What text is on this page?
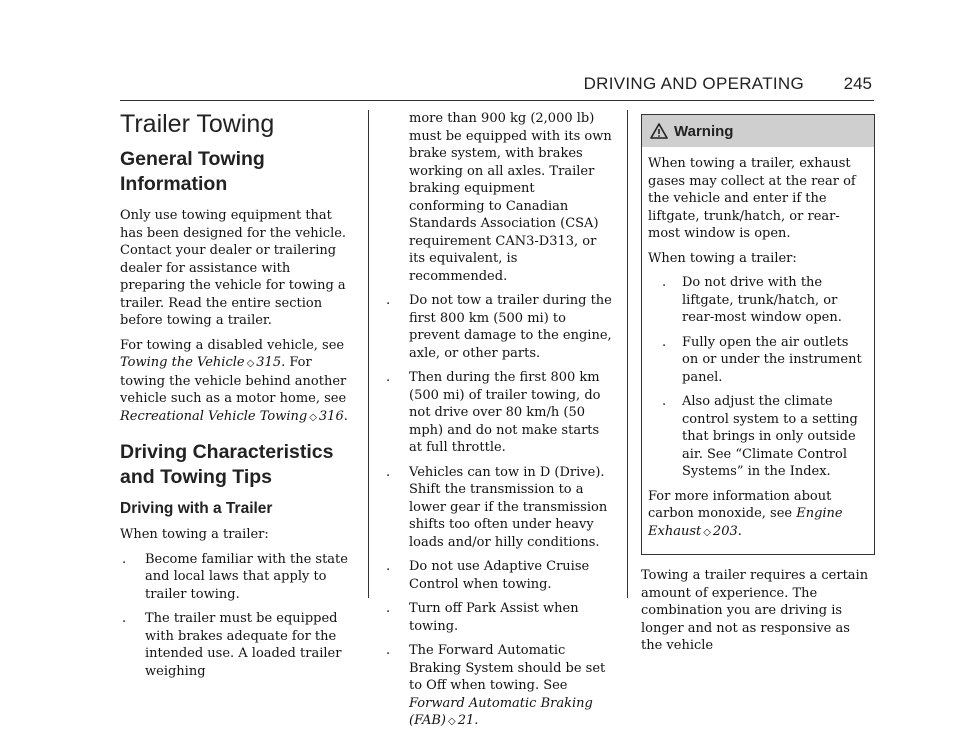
DRIVING AND OPERATING 245
Trailer Towing
General Towing Information

Only use towing equipment that has been designed for the vehicle. Contact your dealer or trailering dealer for assistance with preparing the vehicle for towing a trailer. Read the entire section before towing a trailer.

For towing a disabled vehicle, see Towing the Vehicle ◇ 315. For towing the vehicle behind another vehicle such as a motor home, see Recreational Vehicle Towing ◇ 316.

Driving Characteristics and Towing Tips
Driving with a Trailer

When towing a trailer:

. Become familiar with the state and local laws that apply to trailer towing.
. The trailer must be equipped with brakes adequate for the intended use. A loaded trailer weighing

more than 900 kg (2,000 lb) must be equipped with its own brake system, with brakes working on all axles. Trailer braking equipment conforming to Canadian Standards Association (CSA) requirement CAN3-D313, or its equivalent, is recommended.

. Do not tow a trailer during the first 800 km (500 mi) to prevent damage to the engine, axle, or other parts.
. Then during the first 800 km (500 mi) of trailer towing, do not drive over 80 km/h (50 mph) and do not make starts at full throttle.
. Vehicles can tow in D (Drive). Shift the transmission to a lower gear if the transmission shifts too often under heavy loads and/or hilly conditions.
. Do not use Adaptive Cruise Control when towing.
. Turn off Park Assist when towing.
. The Forward Automatic Braking System should be set to Off when towing. See Forward Automatic Braking (FAB) ◇ 21.
Warning

When towing a trailer, exhaust gases may collect at the rear of the vehicle and enter if the liftgate, trunk/hatch, or rear-most window is open.

When towing a trailer:

. Do not drive with the liftgate, trunk/hatch, or rear-most window open.
. Fully open the air outlets on or under the instrument panel.
. Also adjust the climate control system to a setting that brings in only outside air. See “Climate Control Systems” in the Index.

For more information about carbon monoxide, see Engine Exhaust ◇ 203.

Towing a trailer requires a certain amount of experience. The combination you are driving is longer and not as responsive as the vehicle
